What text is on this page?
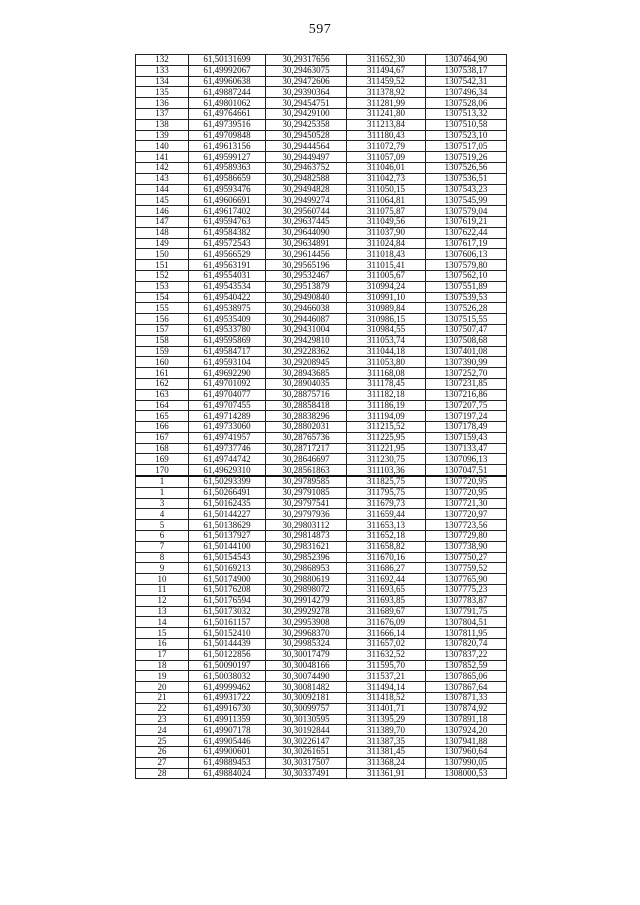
597
132	61,50131699	30,29317656	311652,30	1307464,90
133	61,49992067	30,29463075	311494,67	1307538,17
134	61,49960638	30,29472606	311459,52	1307542,31
135	61,49887244	30,29390364	311378,92	1307496,34
136	61,49801062	30,29454751	311281,99	1307528,06
137	61,49764661	30,29429100	311241,80	1307513,32
138	61,49739516	30,29425358	311213,84	1307510,58
139	61,49709848	30,29450528	311180,43	1307523,10
140	61,49613156	30,29444564	311072,79	1307517,05
141	61,49599127	30,29449497	311057,09	1307519,26
142	61,49589363	30,29463752	311046,01	1307526,56
143	61,49586659	30,29482588	311042,73	1307536,51
144	61,49593476	30,29494828	311050,15	1307543,23
145	61,49606691	30,29499274	311064,81	1307545,99
146	61,49617402	30,29560744	311075,87	1307579,04
147	61,49594763	30,29637445	311049,56	1307619,21
148	61,49584382	30,29644090	311037,90	1307622,44
149	61,49572543	30,29634891	311024,84	1307617,19
150	61,49566529	30,29614456	311018,43	1307606,13
151	61,49563191	30,29565196	311015,41	1307579,80
152	61,49554031	30,29532467	311005,67	1307562,10
153	61,49543534	30,29513879	310994,24	1307551,89
154	61,49540422	30,29490840	310991,10	1307539,53
155	61,49538975	30,29466038	310989,84	1307526,28
156	61,49535409	30,29446087	310986,15	1307515,55
157	61,49533780	30,29431004	310984,55	1307507,47
158	61,49595869	30,29429810	311053,74	1307508,68
159	61,49584717	30,29228362	311044,18	1307401,08
160	61,49593104	30,29208945	311053,80	1307390,99
161	61,49692290	30,28943685	311168,08	1307252,70
162	61,49701092	30,28904035	311178,45	1307231,85
163	61,49704077	30,28875716	311182,18	1307216,86
164	61,49707455	30,28858418	311186,19	1307207,75
165	61,49714289	30,28838296	311194,09	1307197,24
166	61,49733060	30,28802031	311215,52	1307178,49
167	61,49741957	30,28765736	311225,95	1307159,43
168	61,49737746	30,28717217	311221,95	1307133,47
169	61,49744742	30,28646697	311230,75	1307096,13
170	61,49629310	30,28561863	311103,36	1307047,51
1	61,50293399	30,29789585	311825,75	1307720,95
1	61,50266491	30,29791085	311795,75	1307720,95
3	61,50162435	30,29797541	311679,73	1307721,30
4	61,50144227	30,29797936	311659,44	1307720,97
5	61,50138629	30,29803112	311653,13	1307723,56
6	61,50137927	30,29814873	311652,18	1307729,80
7	61,50144100	30,29831621	311658,82	1307738,90
8	61,50154543	30,29852396	311670,16	1307750,27
9	61,50169213	30,29868953	311686,27	1307759,52
10	61,50174900	30,29880619	311692,44	1307765,90
11	61,50176208	30,29898072	311693,65	1307775,23
12	61,50176594	30,29914279	311693,85	1307783,87
13	61,50173032	30,29929278	311689,67	1307791,75
14	61,50161157	30,29953908	311676,09	1307804,51
15	61,50152410	30,29968370	311666,14	1307811,95
16	61,50144439	30,29985324	311657,02	1307820,74
17	61,50122856	30,30017479	311632,52	1307837,22
18	61,50090197	30,30048166	311595,70	1307852,59
19	61,50038032	30,30074490	311537,21	1307865,06
20	61,49999462	30,30081482	311494,14	1307867,64
21	61,49931722	30,30092181	311418,52	1307871,33
22	61,49916730	30,30099757	311401,71	1307874,92
23	61,49911359	30,30130595	311395,29	1307891,18
24	61,49907178	30,30192844	311389,70	1307924,20
25	61,49905446	30,30226147	311387,35	1307941,88
26	61,49900601	30,30261651	311381,45	1307960,64
27	61,49889453	30,30317507	311368,24	1307990,05
28	61,49884024	30,30337491	311361,91	1308000,53
